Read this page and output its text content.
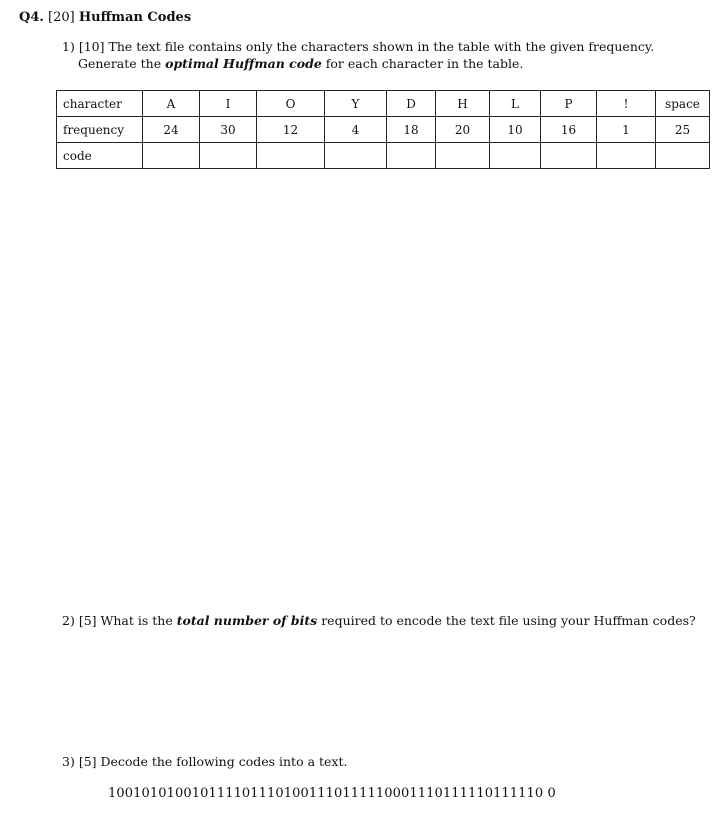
Q4. [20] Huffman Codes
1) [10] The text file contains only the characters shown in the table with the given frequency.
Generate the optimal Huffman code for each character in the table.
character	A	I	O	Y	D	H	L	P	!	space
frequency	24	30	12	4	18	20	10	16	1	25
code										
2) [5] What is the total number of bits required to encode the text file using your Huffman codes?
3) [5] Decode the following codes into a text.
1001010100101111011101001110111110001110111110111110 0
